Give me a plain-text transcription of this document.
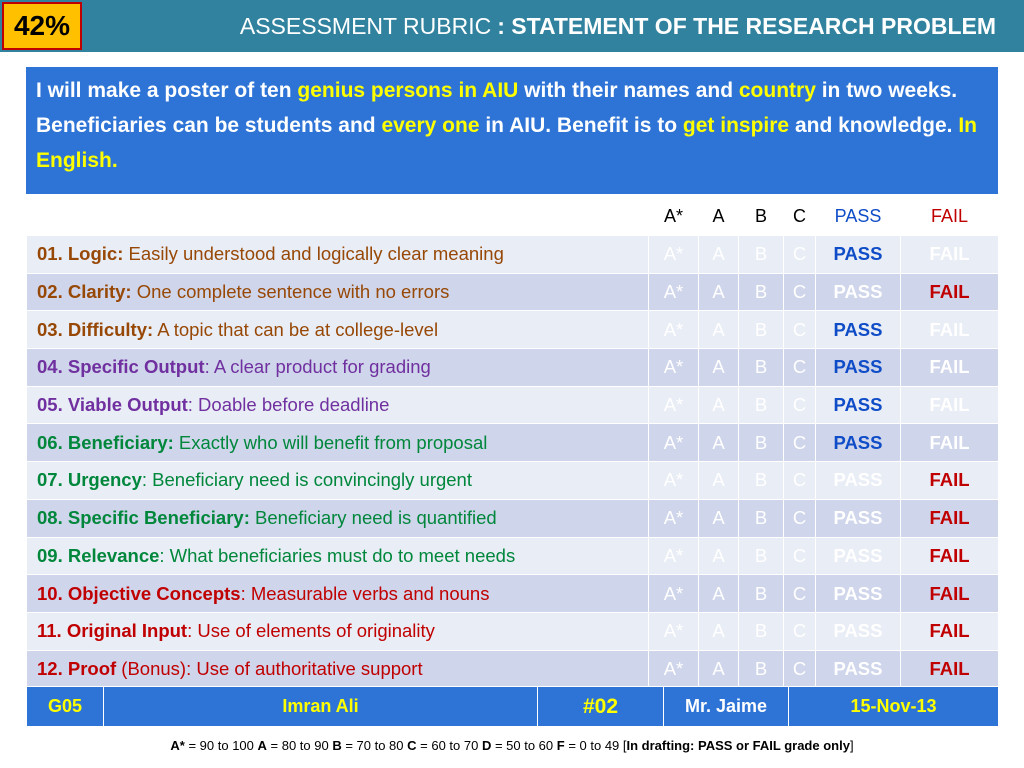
42%	ASSESSMENT RUBRIC : STATEMENT OF THE RESEARCH PROBLEM
I will make a poster of ten genius persons in AIU with their names and country in two weeks. Beneficiaries can be students and every one in AIU. Benefit is to get inspire and knowledge. In English.
	A*	A	B	C	PASS	FAIL
01. Logic: Easily understood and logically clear meaning	A*	A	B	C	PASS	FAIL
02. Clarity: One complete sentence with no errors	A*	A	B	C	PASS	FAIL
03. Difficulty: A topic that can be at college-level	A*	A	B	C	PASS	FAIL
04. Specific Output: A clear product for grading	A*	A	B	C	PASS	FAIL
05. Viable Output: Doable before deadline	A*	A	B	C	PASS	FAIL
06. Beneficiary: Exactly who will benefit from proposal	A*	A	B	C	PASS	FAIL
07. Urgency: Beneficiary need is convincingly urgent	A*	A	B	C	PASS	FAIL
08. Specific Beneficiary: Beneficiary need is quantified	A*	A	B	C	PASS	FAIL
09. Relevance: What beneficiaries must do to meet needs	A*	A	B	C	PASS	FAIL
10. Objective Concepts: Measurable verbs and nouns	A*	A	B	C	PASS	FAIL
11. Original Input: Use of elements of originality	A*	A	B	C	PASS	FAIL
12. Proof (Bonus): Use of authoritative support	A*	A	B	C	PASS	FAIL
G05	Imran Ali	#02	Mr. Jaime	15-Nov-13
A* = 90 to 100 A = 80 to 90 B = 70 to 80 C = 60 to 70 D = 50 to 60 F = 0 to 49 [In drafting: PASS or FAIL grade only]
